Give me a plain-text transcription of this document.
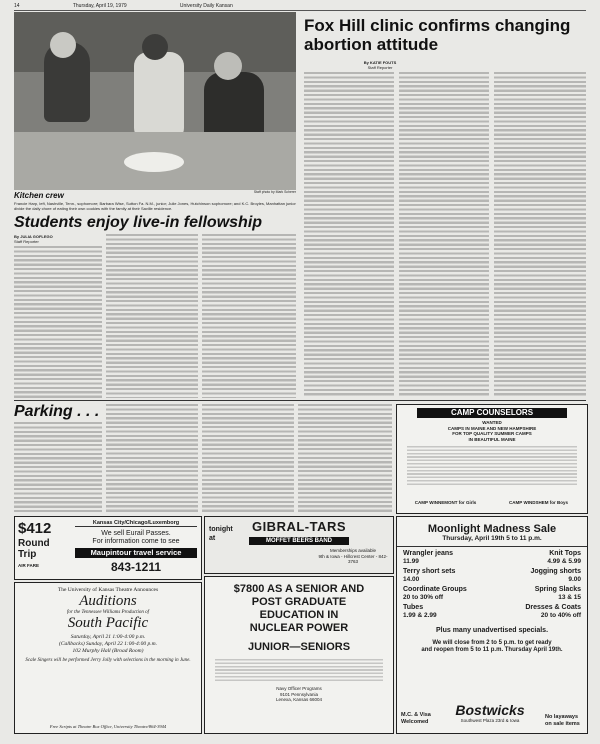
14	Thursday, April 19, 1979	University Daily Kansan
Staff photo by Mark Scherer
Kitchen crew
Francie Harp, left, Nashville, Tenn., sophomore; Barbara Wise, Sutton Fa. N.M., junior; Julie Jones, Hutchinson sophomore; and K.C. Broyles, Manhattan junior divide the daily chore of eating their own cookies with the family at their Saville residence.
Fox Hill clinic confirms changing abortion attitude
By KATIE FOUTS
Staff Reporter
Students enjoy live-in fellowship
By JULIA GOFLEGO
Staff Reporter
Parking . . .
$412
Round
Trip
AIR FARE
Kansas City/Chicago/Luxemborg
We sell Eurail Passes.
For information come to see
Maupintour travel service
843-1211
The University of Kansas Theatre Announces
Auditions
for the Tennessee Williams Production of
South Pacific
Saturday, April 21 1:00-4:00 p.m.
(Callbacks) Sunday, April 22 1:00-4:00 p.m.
102 Murphy Hall (Broad Room)
Scale Singers will be performed Jerry Jolly with selections in the morning in June.
Free Scripts at Theatre Box Office, University Theatre/864-3944
tonight
at
GIBRAL-TARS
MOFFET BEERS BAND
Memberships available
9th & Iowa - Hillcrest Center - 842-3763
$7800 AS A SENIOR AND
POST GRADUATE
EDUCATION IN
NUCLEAR POWER
JUNIOR—SENIORS
Navy Officer Programs
9101 Pennsylvania
Lenexa, Kansas 66004
CAMP COUNSELORS
WANTED
CAMPS IN MAINE AND NEW HAMPSHIRE
FOR TOP QUALITY SUMMER CAMPS
IN BEAUTIFUL MAINE
CAMP WINNEMONT for Girls	CAMP WINDSHEM for Boys
Moonlight Madness Sale
Thursday, April 19th 5 to 11 p.m.
Wrangler jeans	Knit Tops
11.99	4.99 & 5.99
Terry short sets	Jogging shorts
14.00	9.00
Coordinate Groups	Spring Slacks
20 to 30% off	13 & 15
Tubes	Dresses & Coats
1.99 & 2.99	20 to 40% off
Plus many unadvertised specials.
We will close from 2 to 5 p.m. to get ready
and reopen from 5 to 11 p.m. Thursday April 19th.
M.C. & Visa Welcomed
Bostwicks
Southwest Plaza 23rd & Iowa
No layaways on sale items
